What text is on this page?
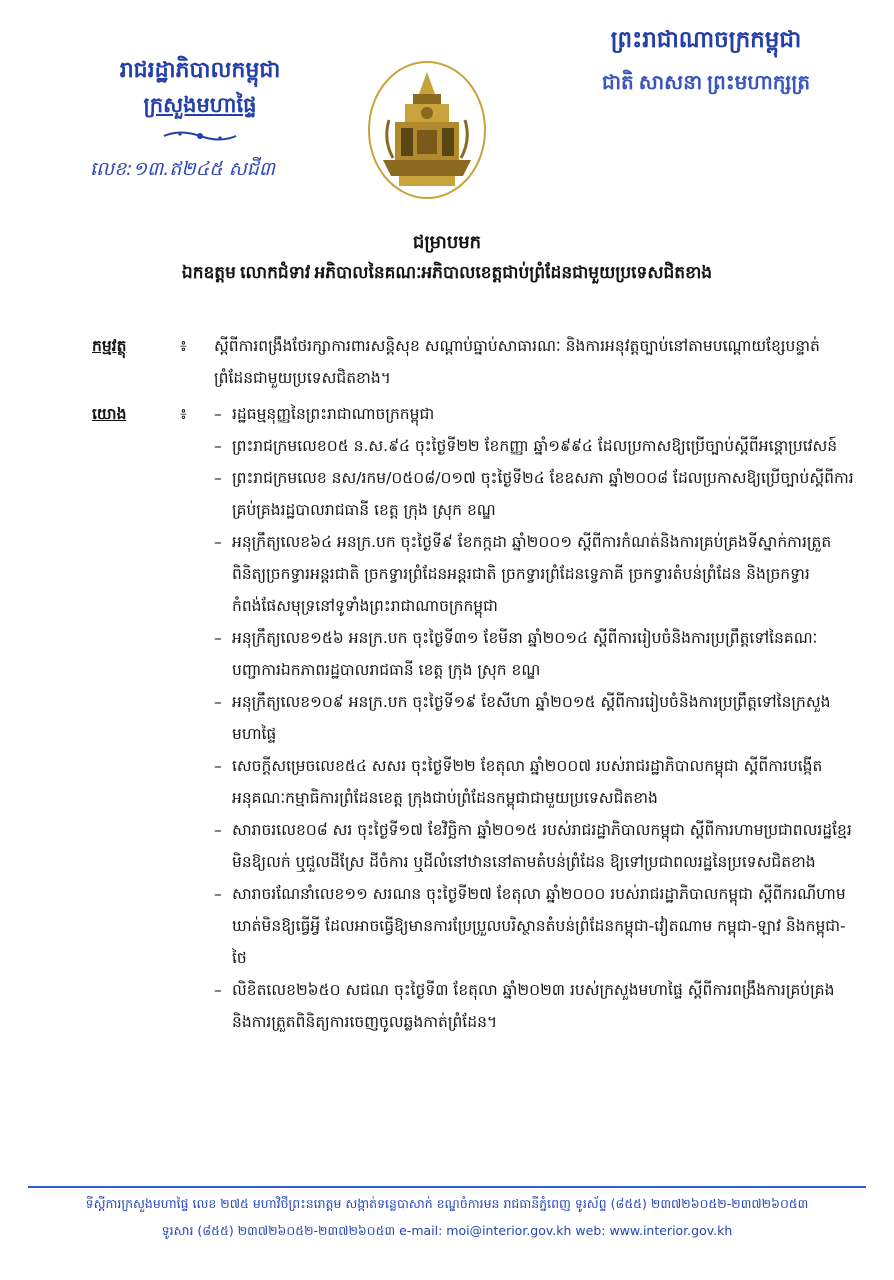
រាជរដ្ឋាភិបាលកម្ពុជា
ក្រសួងមហាផ្ទៃ
លេខ:១៣.ឥ២៤៥ សជី៣
ព្រះរាជាណាចក្រកម្ពុជា
ជាតិ សាសនា ព្រះមហាក្សត្រ
ជម្រាបមក
ឯកឧត្តម លោកជំទាវ អភិបាលនៃគណៈអភិបាលខេត្តជាប់ព្រំដែនជាមួយប្រទេសជិតខាង
កម្មវត្ថុ	៖ ស្តីពីការពង្រឹងថែរក្សាការពារសន្តិសុខ សណ្តាប់ធ្នាប់សាធារណៈ និងការអនុវត្តច្បាប់នៅតាមបណ្តោយខ្សែបន្ទាត់ព្រំដែនជាមួយប្រទេសជិតខាង។
យោង	៖ – រដ្ឋធម្មនុញ្ញនៃព្រះរាជាណាចក្រកម្ពុជា
– ព្រះរាជក្រមលេខ០៥ ន.ស.៩៤ ចុះថ្ងៃទី២២ ខែកញ្ញា ឆ្នាំ១៩៩៤ ដែលប្រកាសឱ្យប្រើច្បាប់ស្តីពីអន្តោប្រវេសន៍
– ព្រះរាជក្រមលេខ នស/រកម/០៥០៨/០១៧ ចុះថ្ងៃទី២៤ ខែឧសភា ឆ្នាំ២០០៨ ដែលប្រកាសឱ្យប្រើច្បាប់ស្តីពីការគ្រប់គ្រងរដ្ឋបាលរាជធានី ខេត្ត ក្រុង ស្រុក ខណ្ឌ
– អនុក្រឹត្យលេខ៦៤ អនក្រ.បក ចុះថ្ងៃទី៩ ខែកក្កដា ឆ្នាំ២០០១ ស្តីពីការកំណត់និងការគ្រប់គ្រងទីស្នាក់ការត្រួតពិនិត្យច្រកទ្វារអន្តរជាតិ ច្រកទ្វារព្រំដែនអន្តរជាតិ ច្រកទ្វារព្រំដែនទ្វេភាគី ច្រកទ្វារតំបន់ព្រំដែន និងច្រកទ្វារកំពង់ផែសមុទ្រនៅទូទាំងព្រះរាជាណាចក្រកម្ពុជា
– អនុក្រឹត្យលេខ១៥៦ អនក្រ.បក ចុះថ្ងៃទី៣១ ខែមីនា ឆ្នាំ២០១៤ ស្តីពីការរៀបចំនិងការប្រព្រឹត្តទៅនៃគណៈបញ្ជាការឯកភាពរដ្ឋបាលរាជធានី ខេត្ត ក្រុង ស្រុក ខណ្ឌ
– អនុក្រឹត្យលេខ១០៩ អនក្រ.បក ចុះថ្ងៃទី១៩ ខែសីហា ឆ្នាំ២០១៥ ស្តីពីការរៀបចំនិងការប្រព្រឹត្តទៅនៃក្រសួងមហាផ្ទៃ
– សេចក្តីសម្រេចលេខ៥៤ សសរ ចុះថ្ងៃទី២២ ខែតុលា ឆ្នាំ២០០៧ របស់រាជរដ្ឋាភិបាលកម្ពុជា ស្តីពីការបង្កើតអនុគណៈកម្មាធិការព្រំដែនខេត្ត ក្រុងជាប់ព្រំដែនកម្ពុជាជាមួយប្រទេសជិតខាង
– សារាចរលេខ០៨ សរ ចុះថ្ងៃទី១៧ ខែវិច្ឆិកា ឆ្នាំ២០១៥ របស់រាជរដ្ឋាភិបាលកម្ពុជា ស្តីពីការហាមប្រជាពលរដ្ឋខ្មែរមិនឱ្យលក់ ឬជួលដីស្រែ ដីចំការ ឬដីលំនៅឋាននៅតាមតំបន់ព្រំដែន ឱ្យទៅប្រជាពលរដ្ឋនៃប្រទេសជិតខាង
– សារាចរណែនាំលេខ១១ សរណន ចុះថ្ងៃទី២៧ ខែតុលា ឆ្នាំ២០០០ របស់រាជរដ្ឋាភិបាលកម្ពុជា ស្តីពីករណីហាមឃាត់មិនឱ្យធ្វើអ្វី ដែលអាចធ្វើឱ្យមានការប្រែប្រួលបរិស្ថានតំបន់ព្រំដែនកម្ពុជា-វៀតណាម កម្ពុជា-ឡាវ និងកម្ពុជា-ថៃ
– លិខិតលេខ២៦៥០ សជណ ចុះថ្ងៃទី៣ ខែតុលា ឆ្នាំ២០២៣ របស់ក្រសួងមហាផ្ទៃ ស្តីពីការពង្រឹងការគ្រប់គ្រងនិងការត្រួតពិនិត្យការចេញចូលឆ្លងកាត់ព្រំដែន។
ទីស្តីការក្រសួងមហាផ្ទៃ លេខ ២៧៥ មហាវិថីព្រះនរោត្តម សង្កាត់ទន្លេបាសាក់ ខណ្ឌចំការមន រាជធានីភ្នំពេញ ទូរស័ព្ទ (៨៥៥) ២៣៧២៦០៥២-២៣៧២៦០៥៣
ទូរសារ (៨៥៥) ២៣៧២៦០៥២-២៣៧២៦០៥៣ e-mail: moi@interior.gov.kh web: www.interior.gov.kh
